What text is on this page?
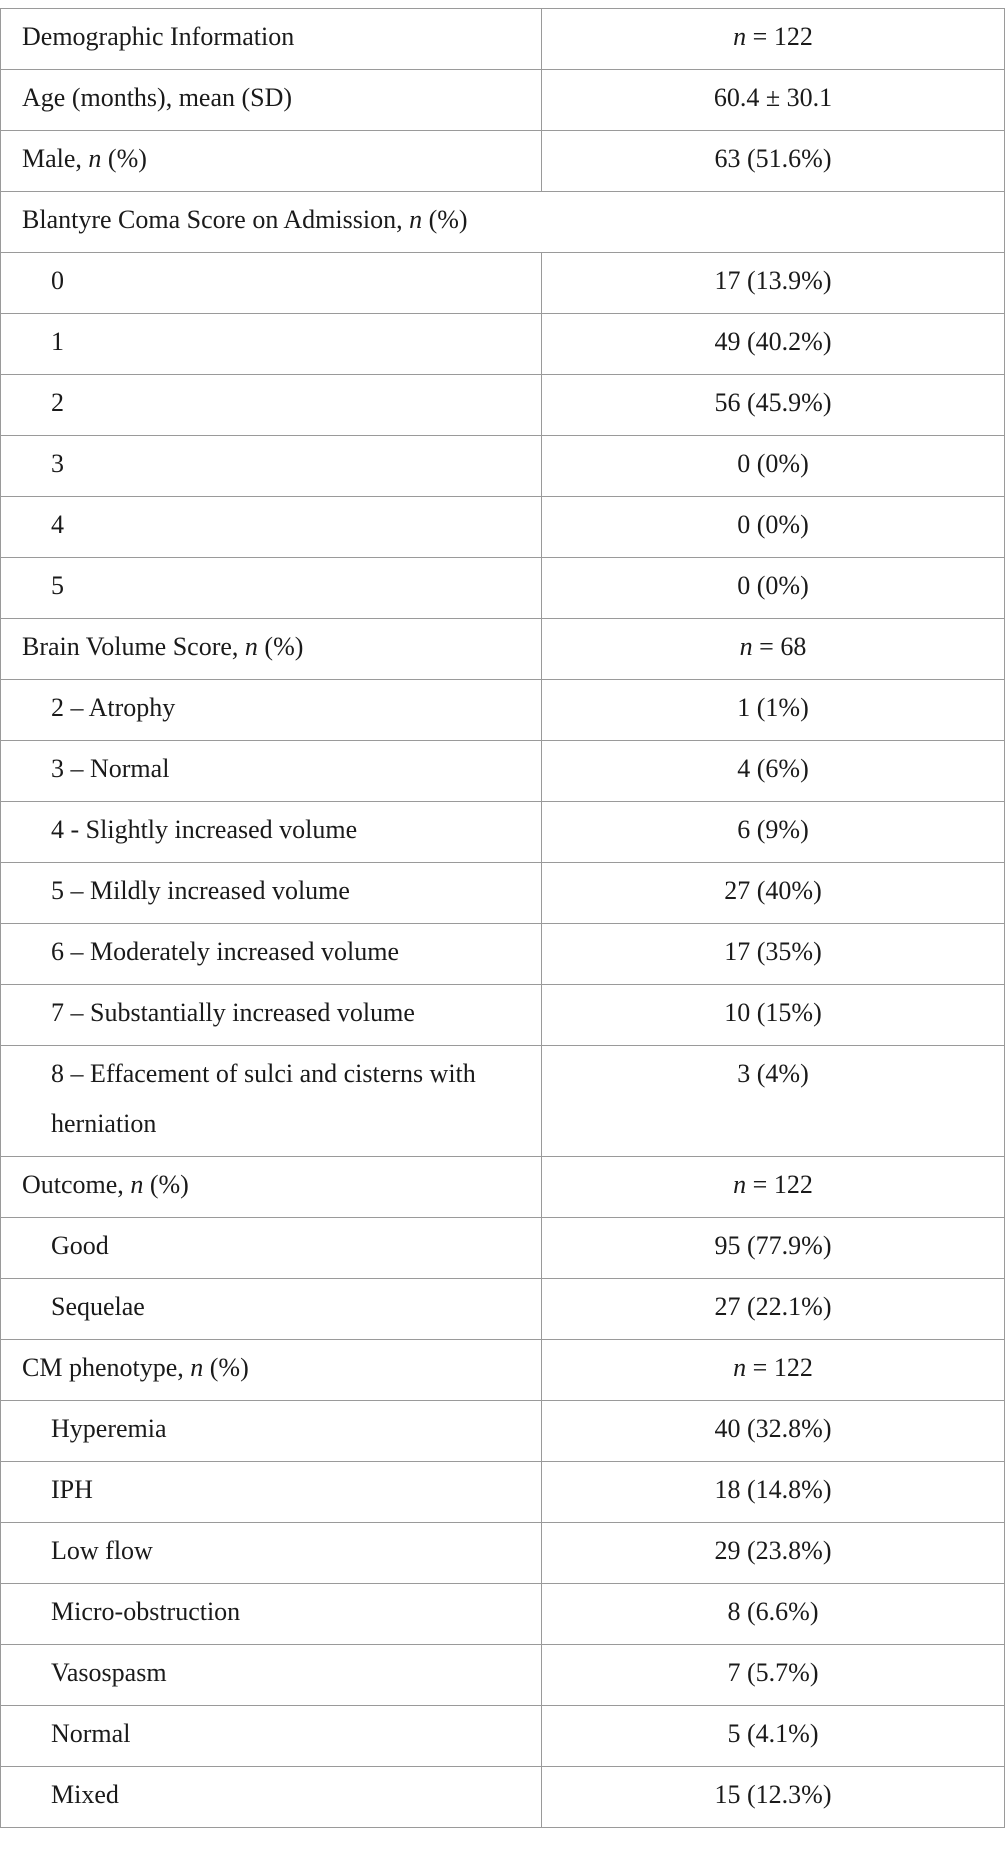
Demographic Information	n = 122
Age (months), mean (SD)	60.4 ± 30.1
Male, n (%)	63 (51.6%)
Blantyre Coma Score on Admission, n (%)	
0	17 (13.9%)
1	49 (40.2%)
2	56 (45.9%)
3	0 (0%)
4	0 (0%)
5	0 (0%)
Brain Volume Score, n (%)	n = 68
2 – Atrophy	1 (1%)
3 – Normal	4 (6%)
4 - Slightly increased volume	6 (9%)
5 – Mildly increased volume	27 (40%)
6 – Moderately increased volume	17 (35%)
7 – Substantially increased volume	10 (15%)
8 – Effacement of sulci and cisterns with herniation	3 (4%)
Outcome, n (%)	n = 122
Good	95 (77.9%)
Sequelae	27 (22.1%)
CM phenotype, n (%)	n = 122
Hyperemia	40 (32.8%)
IPH	18 (14.8%)
Low flow	29 (23.8%)
Micro-obstruction	8 (6.6%)
Vasospasm	7 (5.7%)
Normal	5 (4.1%)
Mixed	15 (12.3%)
